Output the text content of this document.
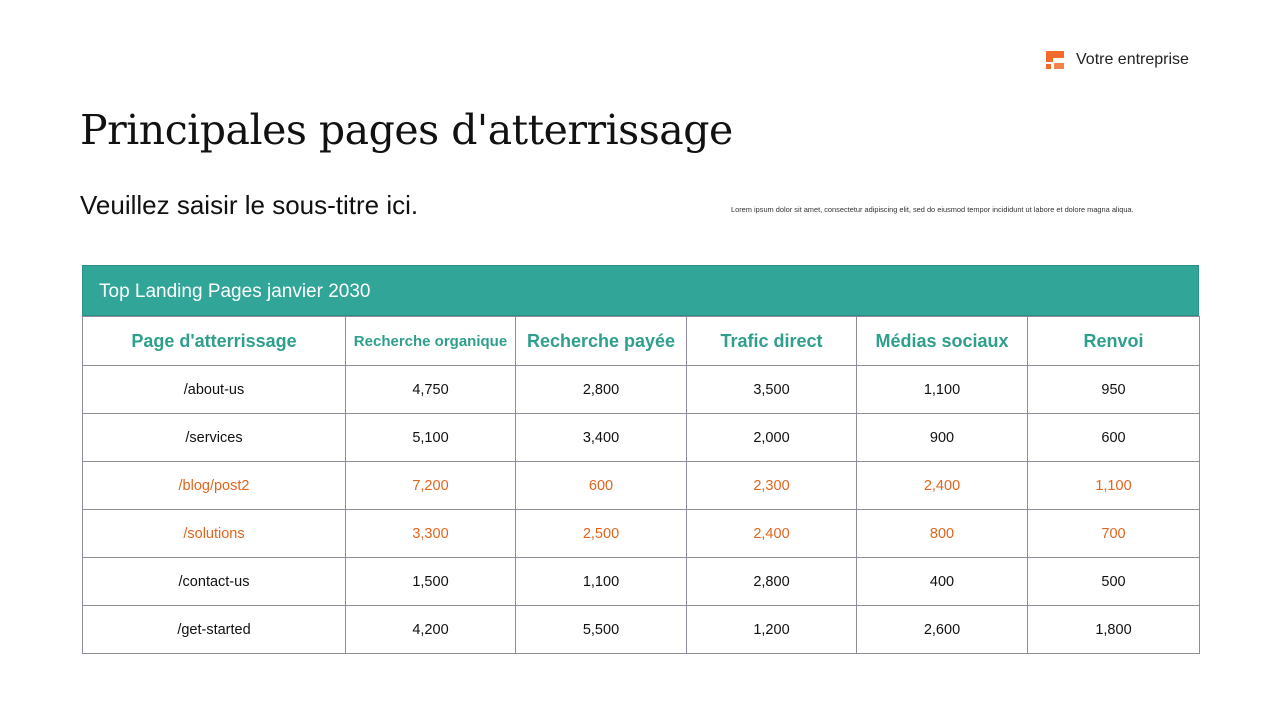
Votre entreprise
Principales pages d'atterrissage

Veuillez saisir le sous-titre ici.	Lorem ipsum dolor sit amet, consectetur adipiscing elit, sed do eiusmod tempor incididunt ut labore et dolore magna aliqua.
Top Landing Pages janvier 2030
Page d'atterrissage	Recherche organique	Recherche payée	Trafic direct	Médias sociaux	Renvoi
/about-us	4,750	2,800	3,500	1,100	950
/services	5,100	3,400	2,000	900	600
/blog/post2	7,200	600	2,300	2,400	1,100
/solutions	3,300	2,500	2,400	800	700
/contact-us	1,500	1,100	2,800	400	500
/get-started	4,200	5,500	1,200	2,600	1,800
